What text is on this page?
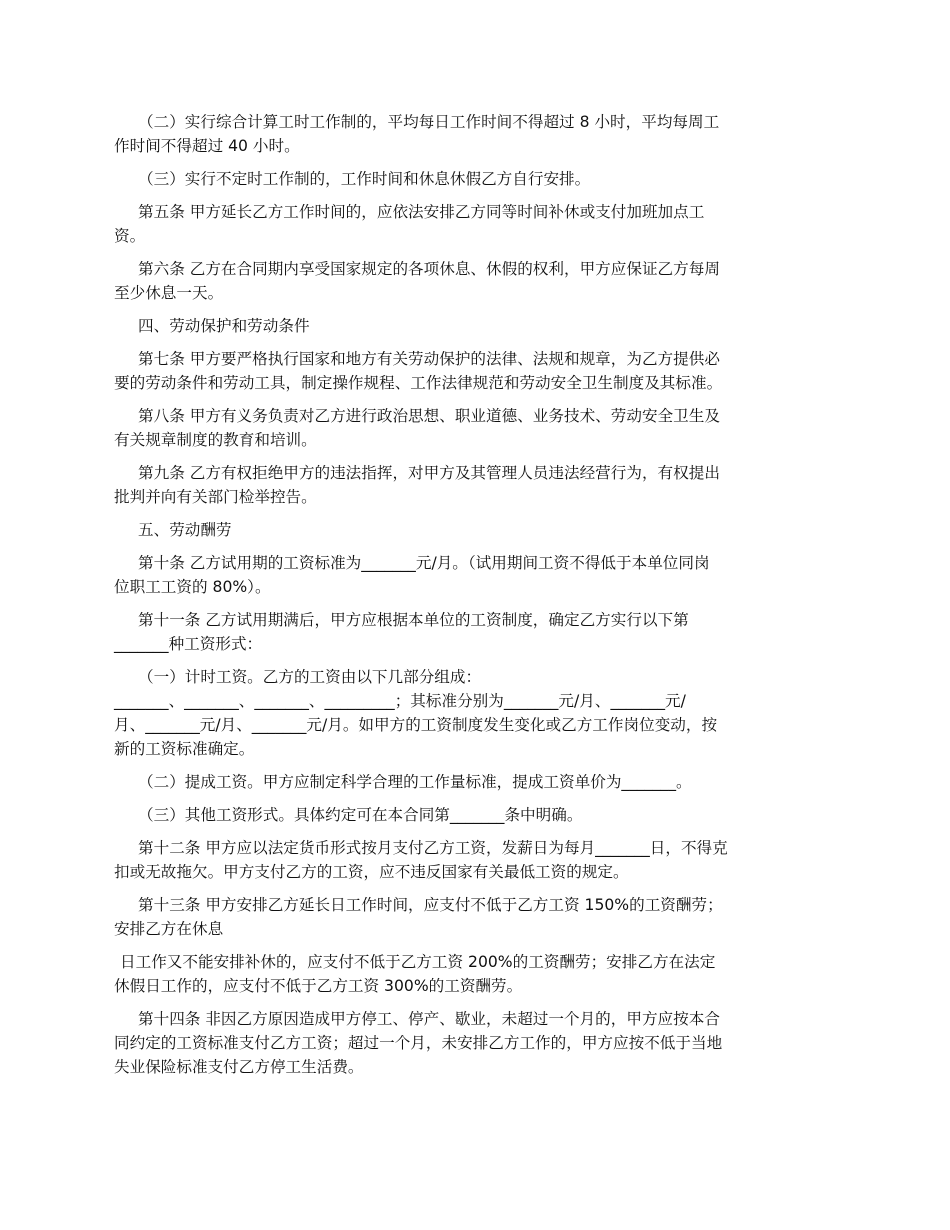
（二）实行综合计算工时工作制的，平均每日工作时间不得超过 8 小时，平均每周工
作时间不得超过 40 小时。

（三）实行不定时工作制的，工作时间和休息休假乙方自行安排。

第五条 甲方延长乙方工作时间的，应依法安排乙方同等时间补休或支付加班加点工
资。

第六条 乙方在合同期内享受国家规定的各项休息、休假的权利，甲方应保证乙方每周
至少休息一天。

四、劳动保护和劳动条件

第七条 甲方要严格执行国家和地方有关劳动保护的法律、法规和规章，为乙方提供必
要的劳动条件和劳动工具，制定操作规程、工作法律规范和劳动安全卫生制度及其标准。

第八条 甲方有义务负责对乙方进行政治思想、职业道德、业务技术、劳动安全卫生及
有关规章制度的教育和培训。

第九条 乙方有权拒绝甲方的违法指挥，对甲方及其管理人员违法经营行为，有权提出
批判并向有关部门检举控告。

五、劳动酬劳

第十条 乙方试用期的工资标准为_______元/月。（试用期间工资不得低于本单位同岗
位职工工资的 80%）。

第十一条 乙方试用期满后，甲方应根据本单位的工资制度，确定乙方实行以下第
_______种工资形式：

（一）计时工资。乙方的工资由以下几部分组成：
_______、_______、_______、_________；其标准分别为_______元/月、_______元/
月、_______元/月、_______元/月。如甲方的工资制度发生变化或乙方工作岗位变动，按
新的工资标准确定。

（二）提成工资。甲方应制定科学合理的工作量标准，提成工资单价为_______。

（三）其他工资形式。具体约定可在本合同第_______条中明确。

第十二条 甲方应以法定货币形式按月支付乙方工资，发薪日为每月_______日，不得克
扣或无故拖欠。甲方支付乙方的工资，应不违反国家有关最低工资的规定。

第十三条 甲方安排乙方延长日工作时间，应支付不低于乙方工资 150%的工资酬劳；
安排乙方在休息

日工作又不能安排补休的，应支付不低于乙方工资 200%的工资酬劳；安排乙方在法定
休假日工作的，应支付不低于乙方工资 300%的工资酬劳。

第十四条 非因乙方原因造成甲方停工、停产、歇业，未超过一个月的，甲方应按本合
同约定的工资标准支付乙方工资；超过一个月，未安排乙方工作的，甲方应按不低于当地
失业保险标准支付乙方停工生活费。
